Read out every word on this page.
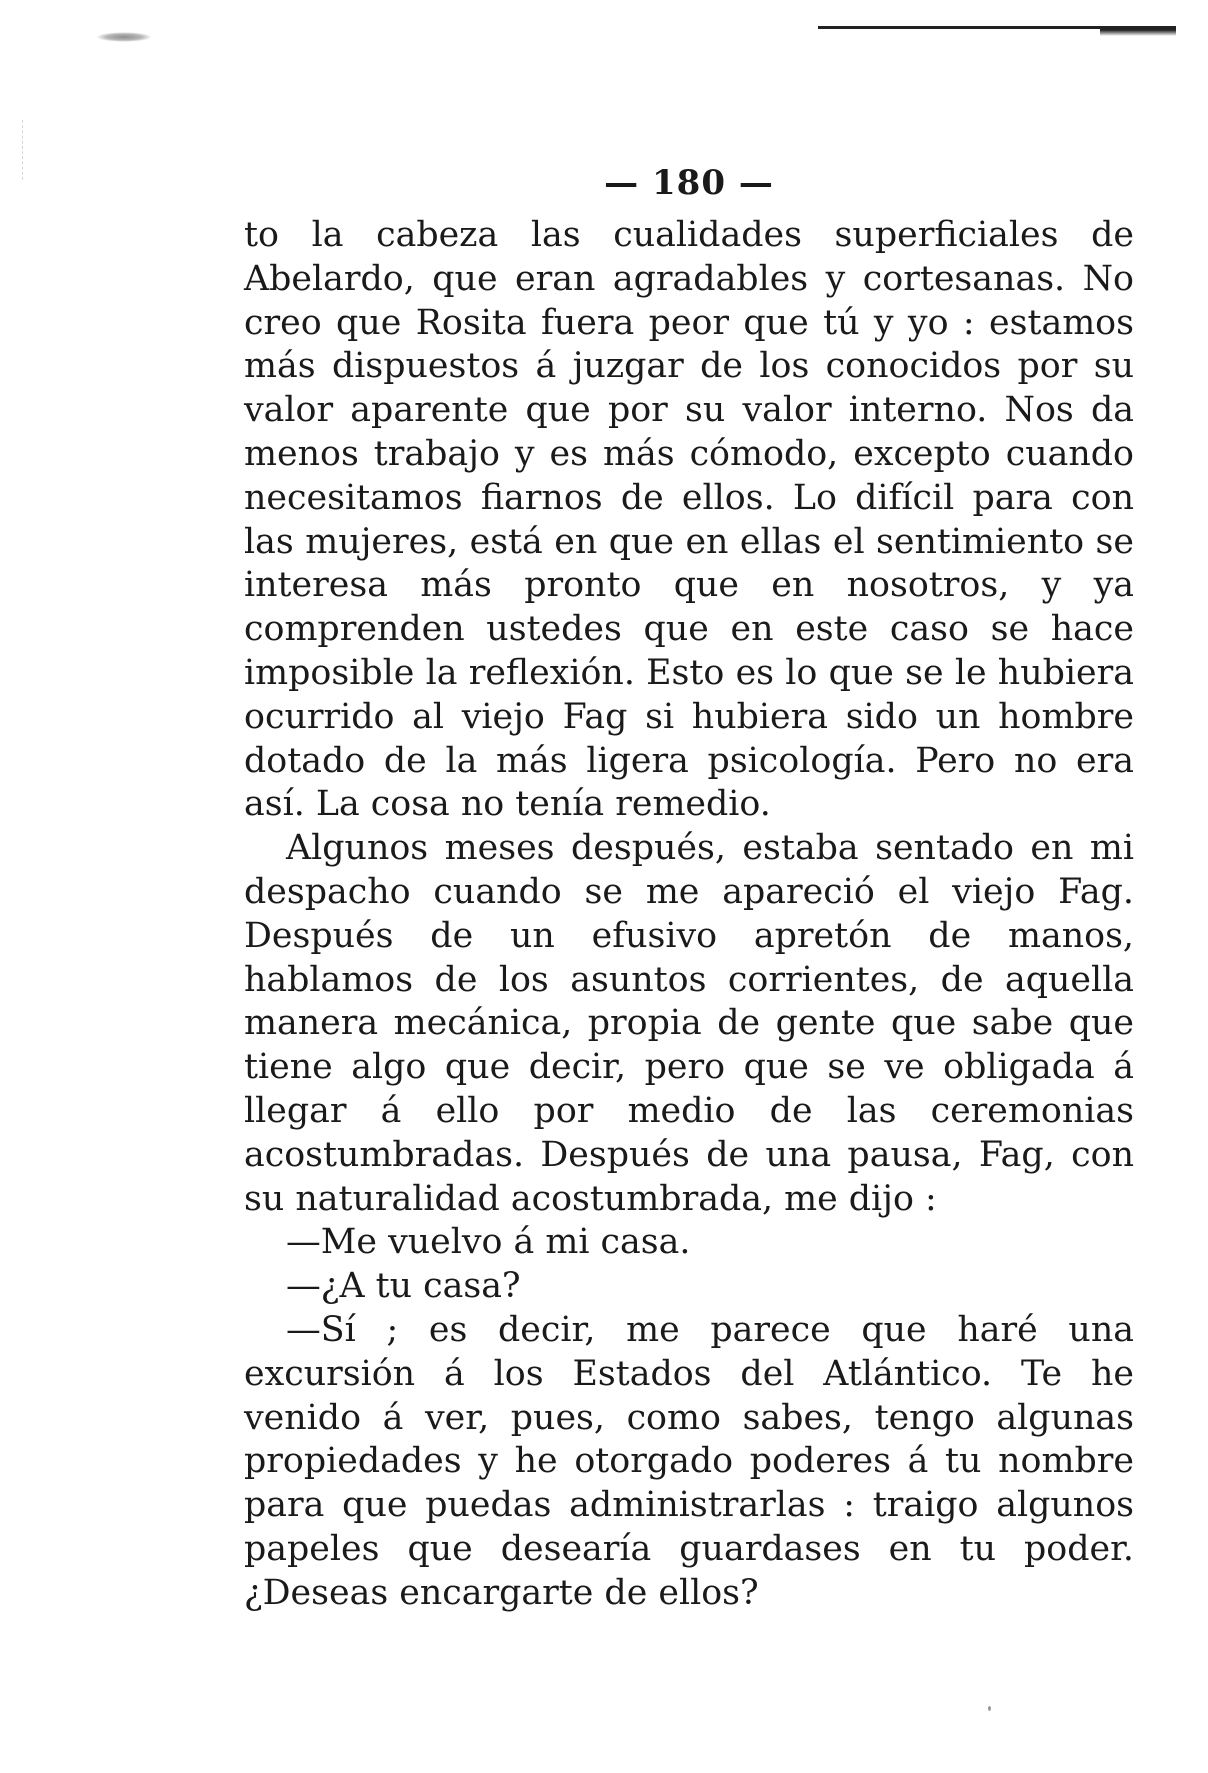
— 180 —

to la cabeza las cualidades superficiales de Abelardo, que eran agradables y cortesanas. No creo que Rosita fuera peor que tú y yo : estamos más dispuestos á juzgar de los conocidos por su valor aparente que por su valor interno. Nos da menos trabajo y es más cómodo, excepto cuando necesitamos fiarnos de ellos. Lo difícil para con las mujeres, está en que en ellas el sentimiento se interesa más pronto que en nosotros, y ya comprenden ustedes que en este caso se hace imposible la reflexión. Esto es lo que se le hubiera ocurrido al viejo Fag si hubiera sido un hombre dotado de la más ligera psicología. Pero no era así. La cosa no tenía remedio.

Algunos meses después, estaba sentado en mi despacho cuando se me apareció el viejo Fag. Después de un efusivo apretón de manos, hablamos de los asuntos corrientes, de aquella manera mecánica, propia de gente que sabe que tiene algo que decir, pero que se ve obligada á llegar á ello por medio de las ceremonias acostumbradas. Después de una pausa, Fag, con su naturalidad acostumbrada, me dijo :

—Me vuelvo á mi casa.

—¿A tu casa?

—Sí ; es decir, me parece que haré una excursión á los Estados del Atlántico. Te he venido á ver, pues, como sabes, tengo algunas propiedades y he otorgado poderes á tu nombre para que puedas administrarlas : traigo algunos papeles que desearía guardases en tu poder. ¿Deseas encargarte de ellos?
